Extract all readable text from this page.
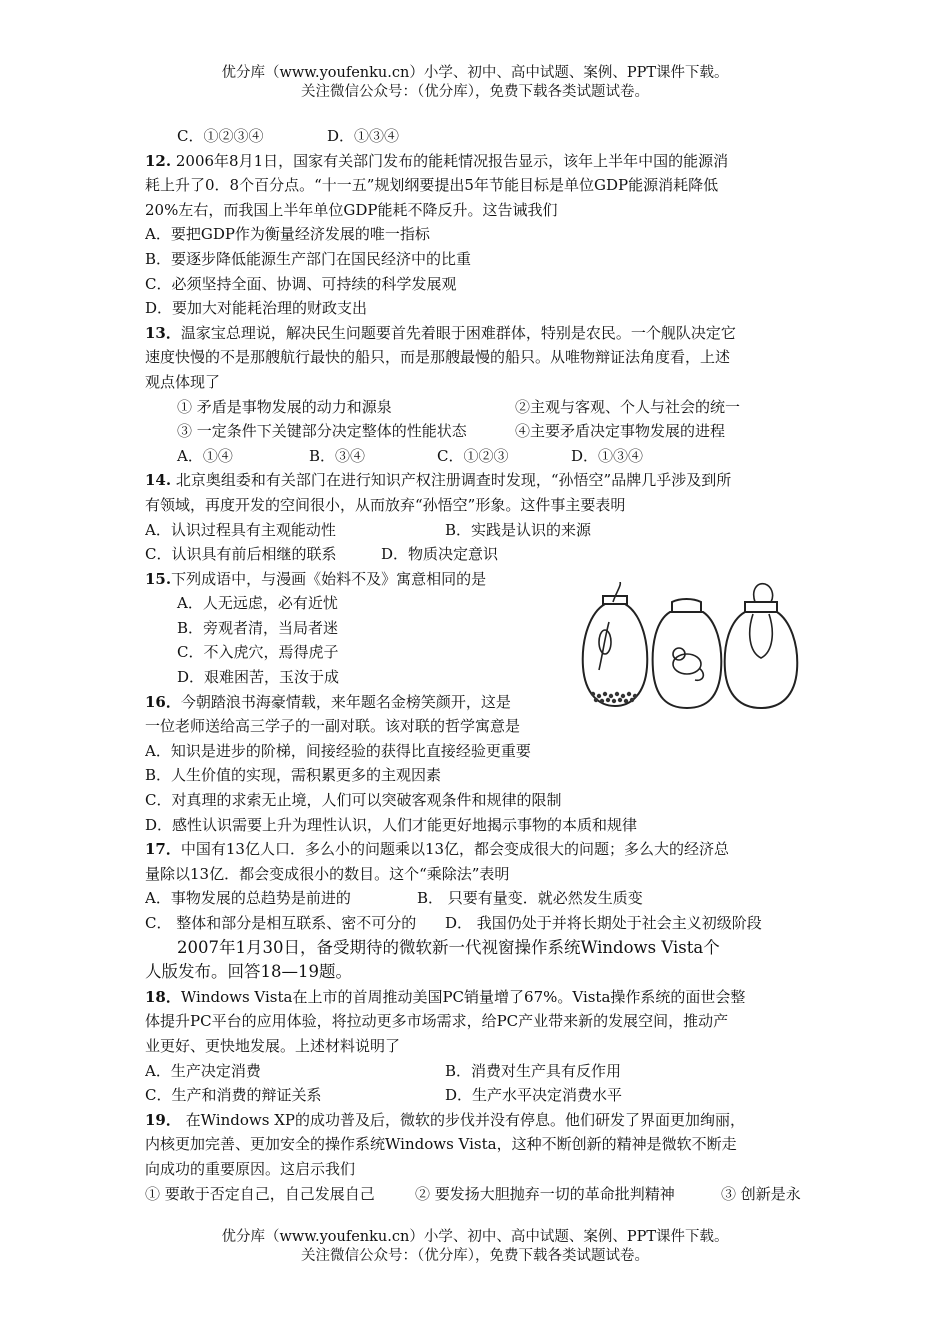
优分库（www.youfenku.cn）小学、初中、高中试题、案例、PPT课件下载。
关注微信公众号：（优分库），免费下载各类试题试卷。
C．①②③④	D．①③④
12. 2006年8月1日，国家有关部门发布的能耗情况报告显示，该年上半年中国的能源消
耗上升了0．8个百分点。“十一五”规划纲要提出5年节能目标是单位GDP能源消耗降低
20%左右，而我国上半年单位GDP能耗不降反升。这告诫我们
A．要把GDP作为衡量经济发展的唯一指标
B．要逐步降低能源生产部门在国民经济中的比重
C．必须坚持全面、协调、可持续的科学发展观
D．要加大对能耗治理的财政支出
13．温家宝总理说，解决民生问题要首先着眼于困难群体，特别是农民。一个舰队决定它
速度快慢的不是那艘航行最快的船只，而是那艘最慢的船只。从唯物辩证法角度看，上述
观点体现了
① 矛盾是事物发展的动力和源泉	②主观与客观、个人与社会的统一
③ 一定条件下关键部分决定整体的性能状态	④主要矛盾决定事物发展的进程
A．①④	B．③④	C．①②③	D．①③④
14. 北京奥组委和有关部门在进行知识产权注册调查时发现，“孙悟空”品牌几乎涉及到所
有领域，再度开发的空间很小，从而放弃“孙悟空”形象。这件事主要表明
A．认识过程具有主观能动性	B．实践是认识的来源
C．认识具有前后相继的联系	D．物质决定意识
15.下列成语中，与漫画《始料不及》寓意相同的是
A．人无远虑，必有近忧
B．旁观者清，当局者迷
C．不入虎穴，焉得虎子
D．艰难困苦，玉汝于成
16．今朝踏浪书海豪情载，来年题名金榜笑颜开，这是
一位老师送给高三学子的一副对联。该对联的哲学寓意是
A．知识是进步的阶梯，间接经验的获得比直接经验更重要
B．人生价值的实现，需积累更多的主观因素
C．对真理的求索无止境，人们可以突破客观条件和规律的限制
D．感性认识需要上升为理性认识，人们才能更好地揭示事物的本质和规律
17．中国有13亿人口．多么小的问题乘以13亿，都会变成很大的问题；多么大的经济总
量除以13亿．都会变成很小的数目。这个“乘除法”表明
A．事物发展的总趋势是前进的	B． 只要有量变．就必然发生质变
C． 整体和部分是相互联系、密不可分的	D． 我国仍处于并将长期处于社会主义初级阶段
2007年1月30日，备受期待的微软新一代视窗操作系统Windows Vista个
人版发布。回答18—19题。
18．Windows Vista在上市的首周推动美国PC销量增了67%。Vista操作系统的面世会整
体提升PC平台的应用体验，将拉动更多市场需求，给PC产业带来新的发展空间，推动产
业更好、更快地发展。上述材料说明了
A．生产决定消费	B．消费对生产具有反作用
C．生产和消费的辩证关系	D．生产水平决定消费水平
19． 在Windows XP的成功普及后，微软的步伐并没有停息。他们研发了界面更加绚丽，
内核更加完善、更加安全的操作系统Windows Vista，这种不断创新的精神是微软不断走
向成功的重要原因。这启示我们
① 要敢于否定自己，自己发展自己	② 要发扬大胆抛弃一切的革命批判精神	③ 创新是永
优分库（www.youfenku.cn）小学、初中、高中试题、案例、PPT课件下载。
关注微信公众号：（优分库），免费下载各类试题试卷。
